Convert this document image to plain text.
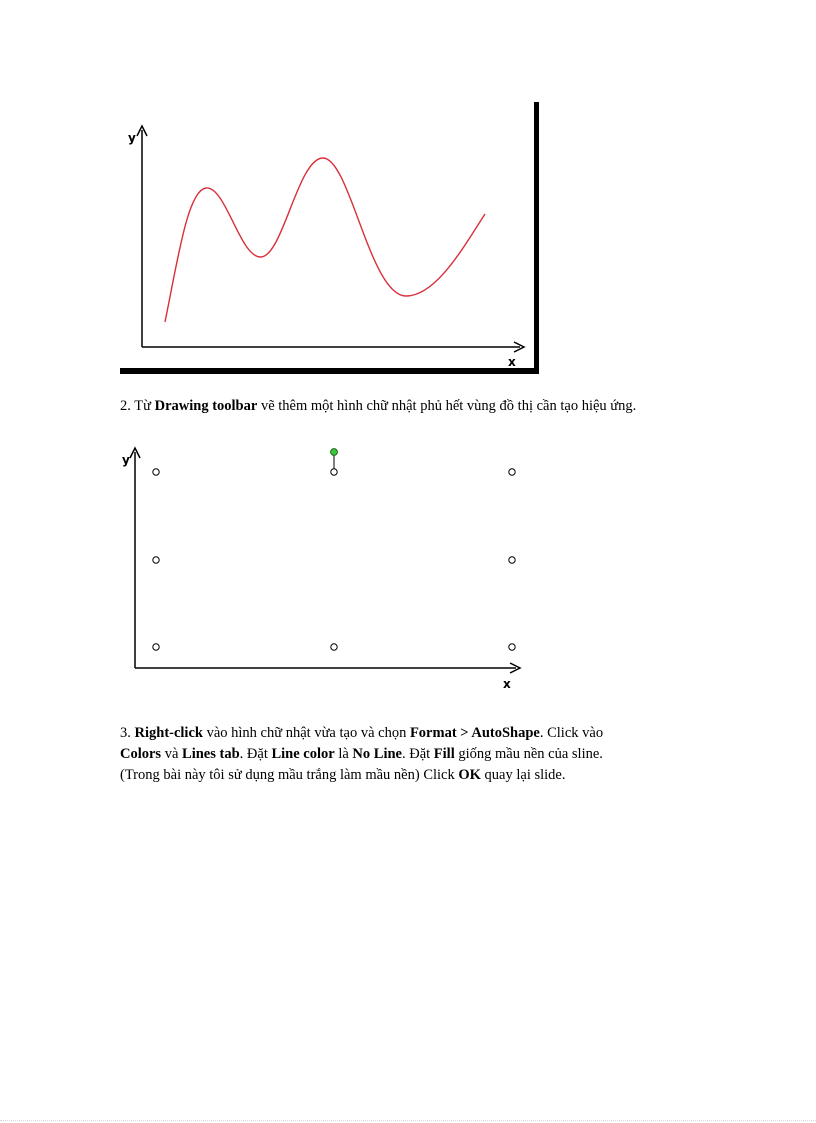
y
x
2. Từ Drawing toolbar vẽ thêm một hình chữ nhật phủ hết vùng đồ thị cần tạo hiệu ứng.
y
x
3. Right-click vào hình chữ nhật vừa tạo và chọn Format > AutoShape. Click vào
Colors và Lines tab. Đặt Line color là No Line. Đặt Fill giống mầu nền của sline.
(Trong bài này tôi sử dụng mầu trắng làm mầu nền) Click OK quay lại slide.
